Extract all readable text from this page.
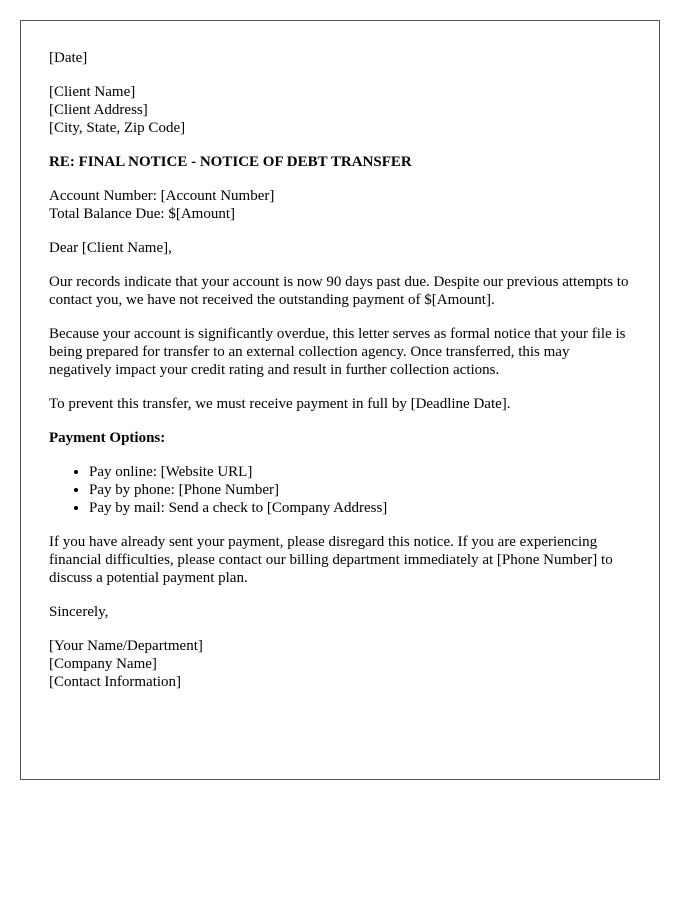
[Date]
[Client Name]
[Client Address]
[City, State, Zip Code]
RE: FINAL NOTICE - NOTICE OF DEBT TRANSFER
Account Number: [Account Number]
Total Balance Due: $[Amount]

Dear [Client Name],

Our records indicate that your account is now 90 days past due. Despite our previous attempts to contact you, we have not received the outstanding payment of $[Amount].

Because your account is significantly overdue, this letter serves as formal notice that your file is being prepared for transfer to an external collection agency. Once transferred, this may negatively impact your credit rating and result in further collection actions.

To prevent this transfer, we must receive payment in full by [Deadline Date].

Payment Options:
• Pay online: [Website URL]
• Pay by phone: [Phone Number]
• Pay by mail: Send a check to [Company Address]

If you have already sent your payment, please disregard this notice. If you are experiencing financial difficulties, please contact our billing department immediately at [Phone Number] to discuss a potential payment plan.

Sincerely,

[Your Name/Department]
[Company Name]
[Contact Information]
